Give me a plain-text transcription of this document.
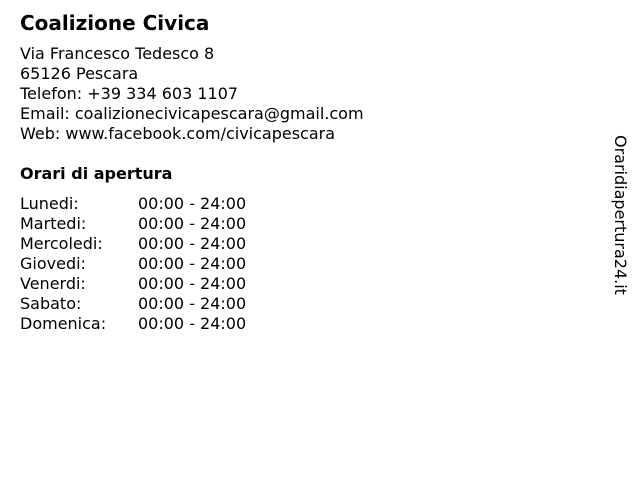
Coalizione Civica
Via Francesco Tedesco 8
65126 Pescara
Telefon: +39 334 603 1107
Email: coalizionecivicapescara@gmail.com
Web: www.facebook.com/civicapescara
Orari di apertura
Lunedi:	00:00 - 24:00
Martedi:	00:00 - 24:00
Mercoledi:	00:00 - 24:00
Giovedi:	00:00 - 24:00
Venerdi:	00:00 - 24:00
Sabato:	00:00 - 24:00
Domenica:	00:00 - 24:00
Oraridiapertura24.it
